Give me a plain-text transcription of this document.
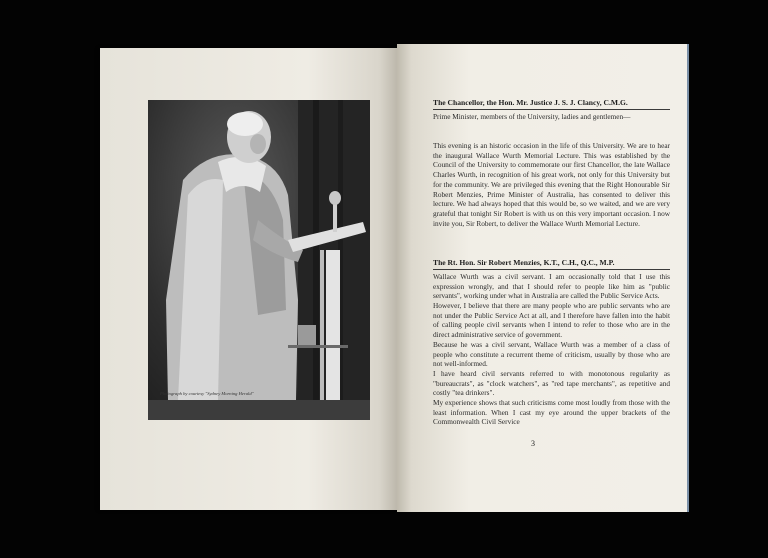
Photograph by courtesy "Sydney Morning Herald"
The Chancellor, the Hon. Mr. Justice J. S. J. Clancy, C.M.G.

Prime Minister, members of the University, ladies and gentlemen—

This evening is an historic occasion in the life of this University. We are to hear the inaugural Wallace Wurth Memorial Lecture. This was established by the Council of the University to commemorate our first Chancellor, the late Wallace Charles Wurth, in recognition of his great work, not only for this University but for the community. We are privileged this evening that the Right Honourable Sir Robert Menzies, Prime Minister of Australia, has consented to deliver this lecture. We had always hoped that this would be, so we waited, and we are very grateful that tonight Sir Robert is with us on this very important occasion. I now invite you, Sir Robert, to deliver the Wallace Wurth Memorial Lecture.

The Rt. Hon. Sir Robert Menzies, K.T., C.H., Q.C., M.P.

Wallace Wurth was a civil servant. I am occasionally told that I use this expression wrongly, and that I should refer to people like him as "public servants", working under what in Australia are called the Public Service Acts.

However, I believe that there are many people who are public servants who are not under the Public Service Act at all, and I therefore have fallen into the habit of calling people civil servants when I intend to refer to those who are in the direct administrative service of government.

Because he was a civil servant, Wallace Wurth was a member of a class of people who constitute a recurrent theme of criticism, usually by those who are not well-informed.

I have heard civil servants referred to with monotonous regularity as "bureaucrats", as "clock watchers", as "red tape merchants", as repetitive and costly "tea drinkers".

My experience shows that such criticisms come most loudly from those with the least information. When I cast my eye around the upper brackets of the Commonwealth Civil Service

3
